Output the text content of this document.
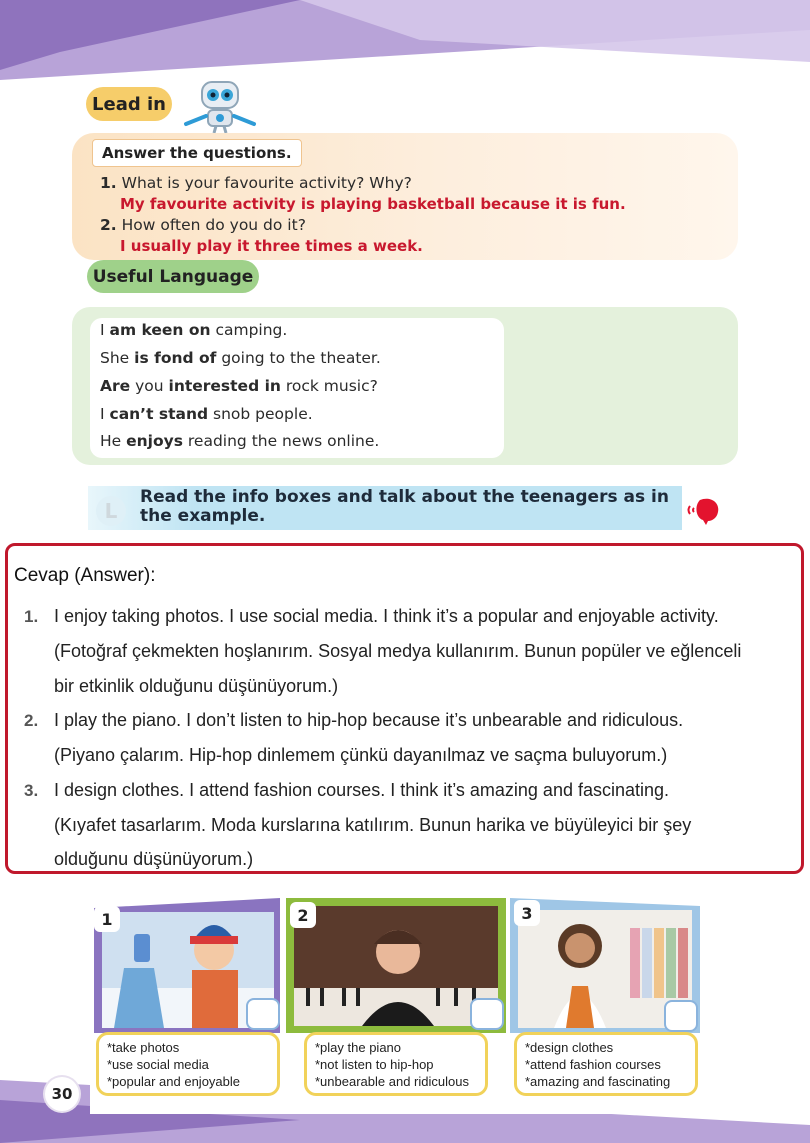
Lead in
Answer the questions.
1. What is your favourite activity? Why?
My favourite activity is playing basketball because it is fun.
2. How often do you do it?
I usually play it three times a week.
Useful Language
I am keen on camping.
She is fond of going to the theater.
Are you interested in rock music?
I can’t stand snob people.
He enjoys reading the news online.
L
Read the info boxes and talk about the teenagers as in the example.
Cevap (Answer):
1. I enjoy taking photos. I use social media. I think it’s a popular and enjoyable activity.
(Fotoğraf çekmekten hoşlanırım. Sosyal medya kullanırım. Bunun popüler ve eğlenceli
bir etkinlik olduğunu düşünüyorum.)
2. I play the piano. I don’t listen to hip-hop because it’s unbearable and ridiculous.
(Piyano çalarım. Hip-hop dinlemem çünkü dayanılmaz ve saçma buluyorum.)
3. I design clothes. I attend fashion courses. I think it’s amazing and fascinating.
(Kıyafet tasarlarım. Moda kurslarına katılırım. Bunun harika ve büyüleyici bir şey
olduğunu düşünüyorum.)
1	2	3
*take photos
*use social media
*popular and enjoyable
*play the piano
*not listen to hip-hop
*unbearable and ridiculous
*design clothes
*attend fashion courses
*amazing and fascinating
30
